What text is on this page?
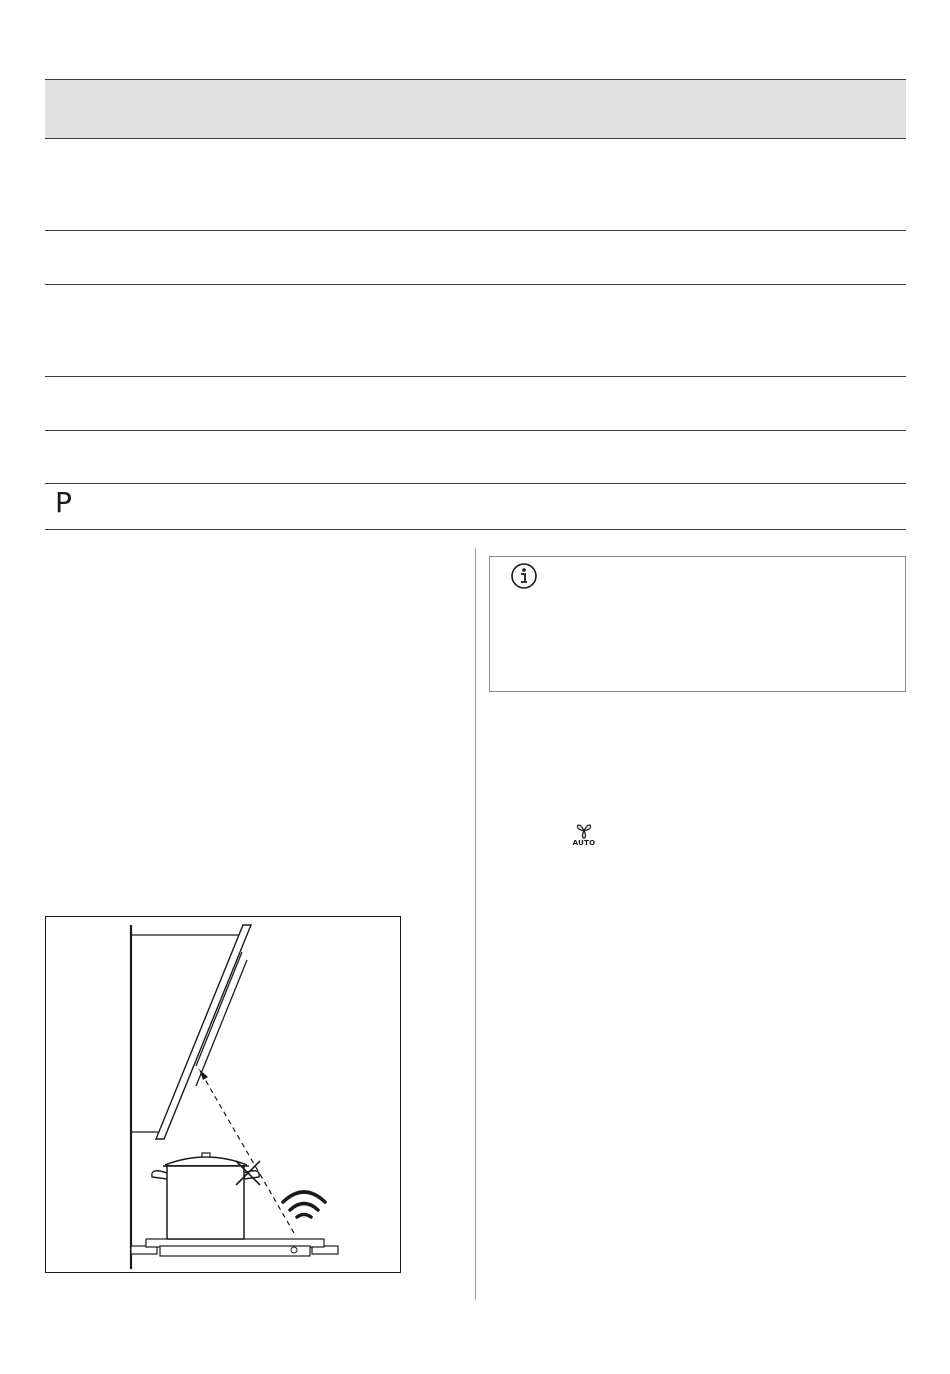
P
AUTO
